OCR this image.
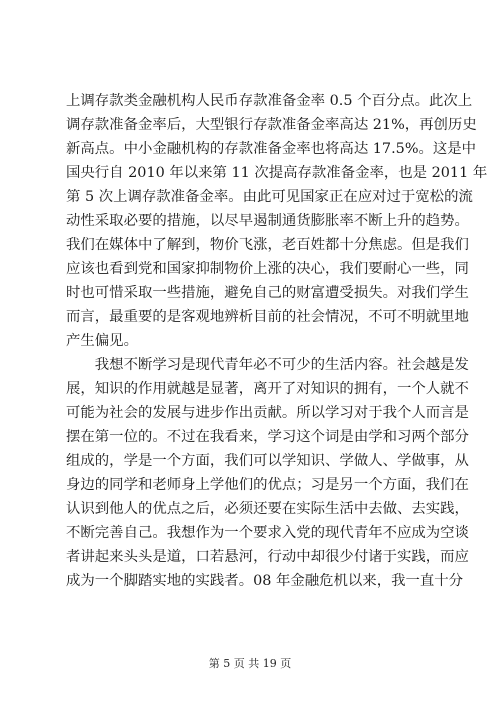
上调存款类金融机构人民币存款准备金率 0.5 个百分点。此次上
调存款准备金率后，大型银行存款准备金率高达 21%，再创历史
新高点。中小金融机构的存款准备金率也将高达 17.5%。这是中
国央行自 2010 年以来第 11 次提高存款准备金率，也是 2011 年
第 5 次上调存款准备金率。由此可见国家正在应对过于宽松的流
动性采取必要的措施，以尽早遏制通货膨胀率不断上升的趋势。
我们在媒体中了解到，物价飞涨，老百姓都十分焦虑。但是我们
应该也看到党和国家抑制物价上涨的决心，我们要耐心一些，同
时也可惜采取一些措施，避免自己的财富遭受损失。对我们学生
而言，最重要的是客观地辨析目前的社会情况，不可不明就里地
产生偏见。
　　我想不断学习是现代青年必不可少的生活内容。社会越是发
展，知识的作用就越是显著，离开了对知识的拥有，一个人就不
可能为社会的发展与进步作出贡献。所以学习对于我个人而言是
摆在第一位的。不过在我看来，学习这个词是由学和习两个部分
组成的，学是一个方面，我们可以学知识、学做人、学做事，从
身边的同学和老师身上学他们的优点；习是另一个方面，我们在
认识到他人的优点之后，必须还要在实际生活中去做、去实践，
不断完善自己。我想作为一个要求入党的现代青年不应成为空谈
者讲起来头头是道，口若悬河，行动中却很少付诸于实践，而应
成为一个脚踏实地的实践者。08 年金融危机以来，我一直十分
第 5 页 共 19 页
